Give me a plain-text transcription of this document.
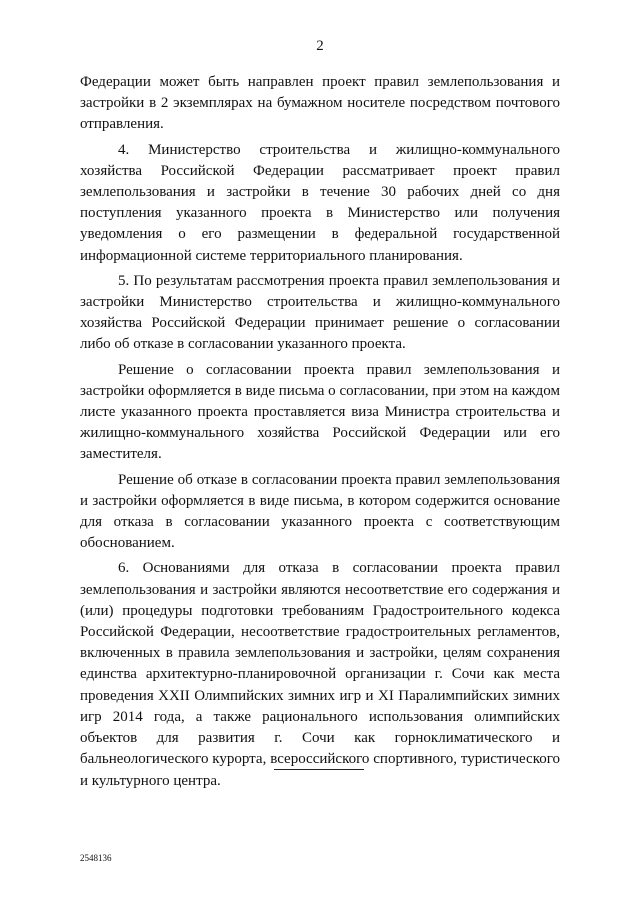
2

Федерации может быть направлен проект правил землепользования и застройки в 2 экземплярах на бумажном носителе посредством почтового отправления.

4. Министерство строительства и жилищно-коммунального хозяйства Российской Федерации рассматривает проект правил землепользования и застройки в течение 30 рабочих дней со дня поступления указанного проекта в Министерство или получения уведомления о его размещении в федеральной государственной информационной системе территориального планирования.

5. По результатам рассмотрения проекта правил землепользования и застройки Министерство строительства и жилищно-коммунального хозяйства Российской Федерации принимает решение о согласовании либо об отказе в согласовании указанного проекта.

Решение о согласовании проекта правил землепользования и застройки оформляется в виде письма о согласовании, при этом на каждом листе указанного проекта проставляется виза Министра строительства и жилищно-коммунального хозяйства Российской Федерации или его заместителя.

Решение об отказе в согласовании проекта правил землепользования и застройки оформляется в виде письма, в котором содержится основание для отказа в согласовании указанного проекта с соответствующим обоснованием.

6. Основаниями для отказа в согласовании проекта правил землепользования и застройки являются несоответствие его содержания и (или) процедуры подготовки требованиям Градостроительного кодекса Российской Федерации, несоответствие градостроительных регламентов, включенных в правила землепользования и застройки, целям сохранения единства архитектурно-планировочной организации г. Сочи как места проведения XXII Олимпийских зимних игр и XI Паралимпийских зимних игр 2014 года, а также рационального использования олимпийских объектов для развития г. Сочи как горноклиматического и бальнеологического курорта, всероссийского спортивного, туристического и культурного центра.

2548136
